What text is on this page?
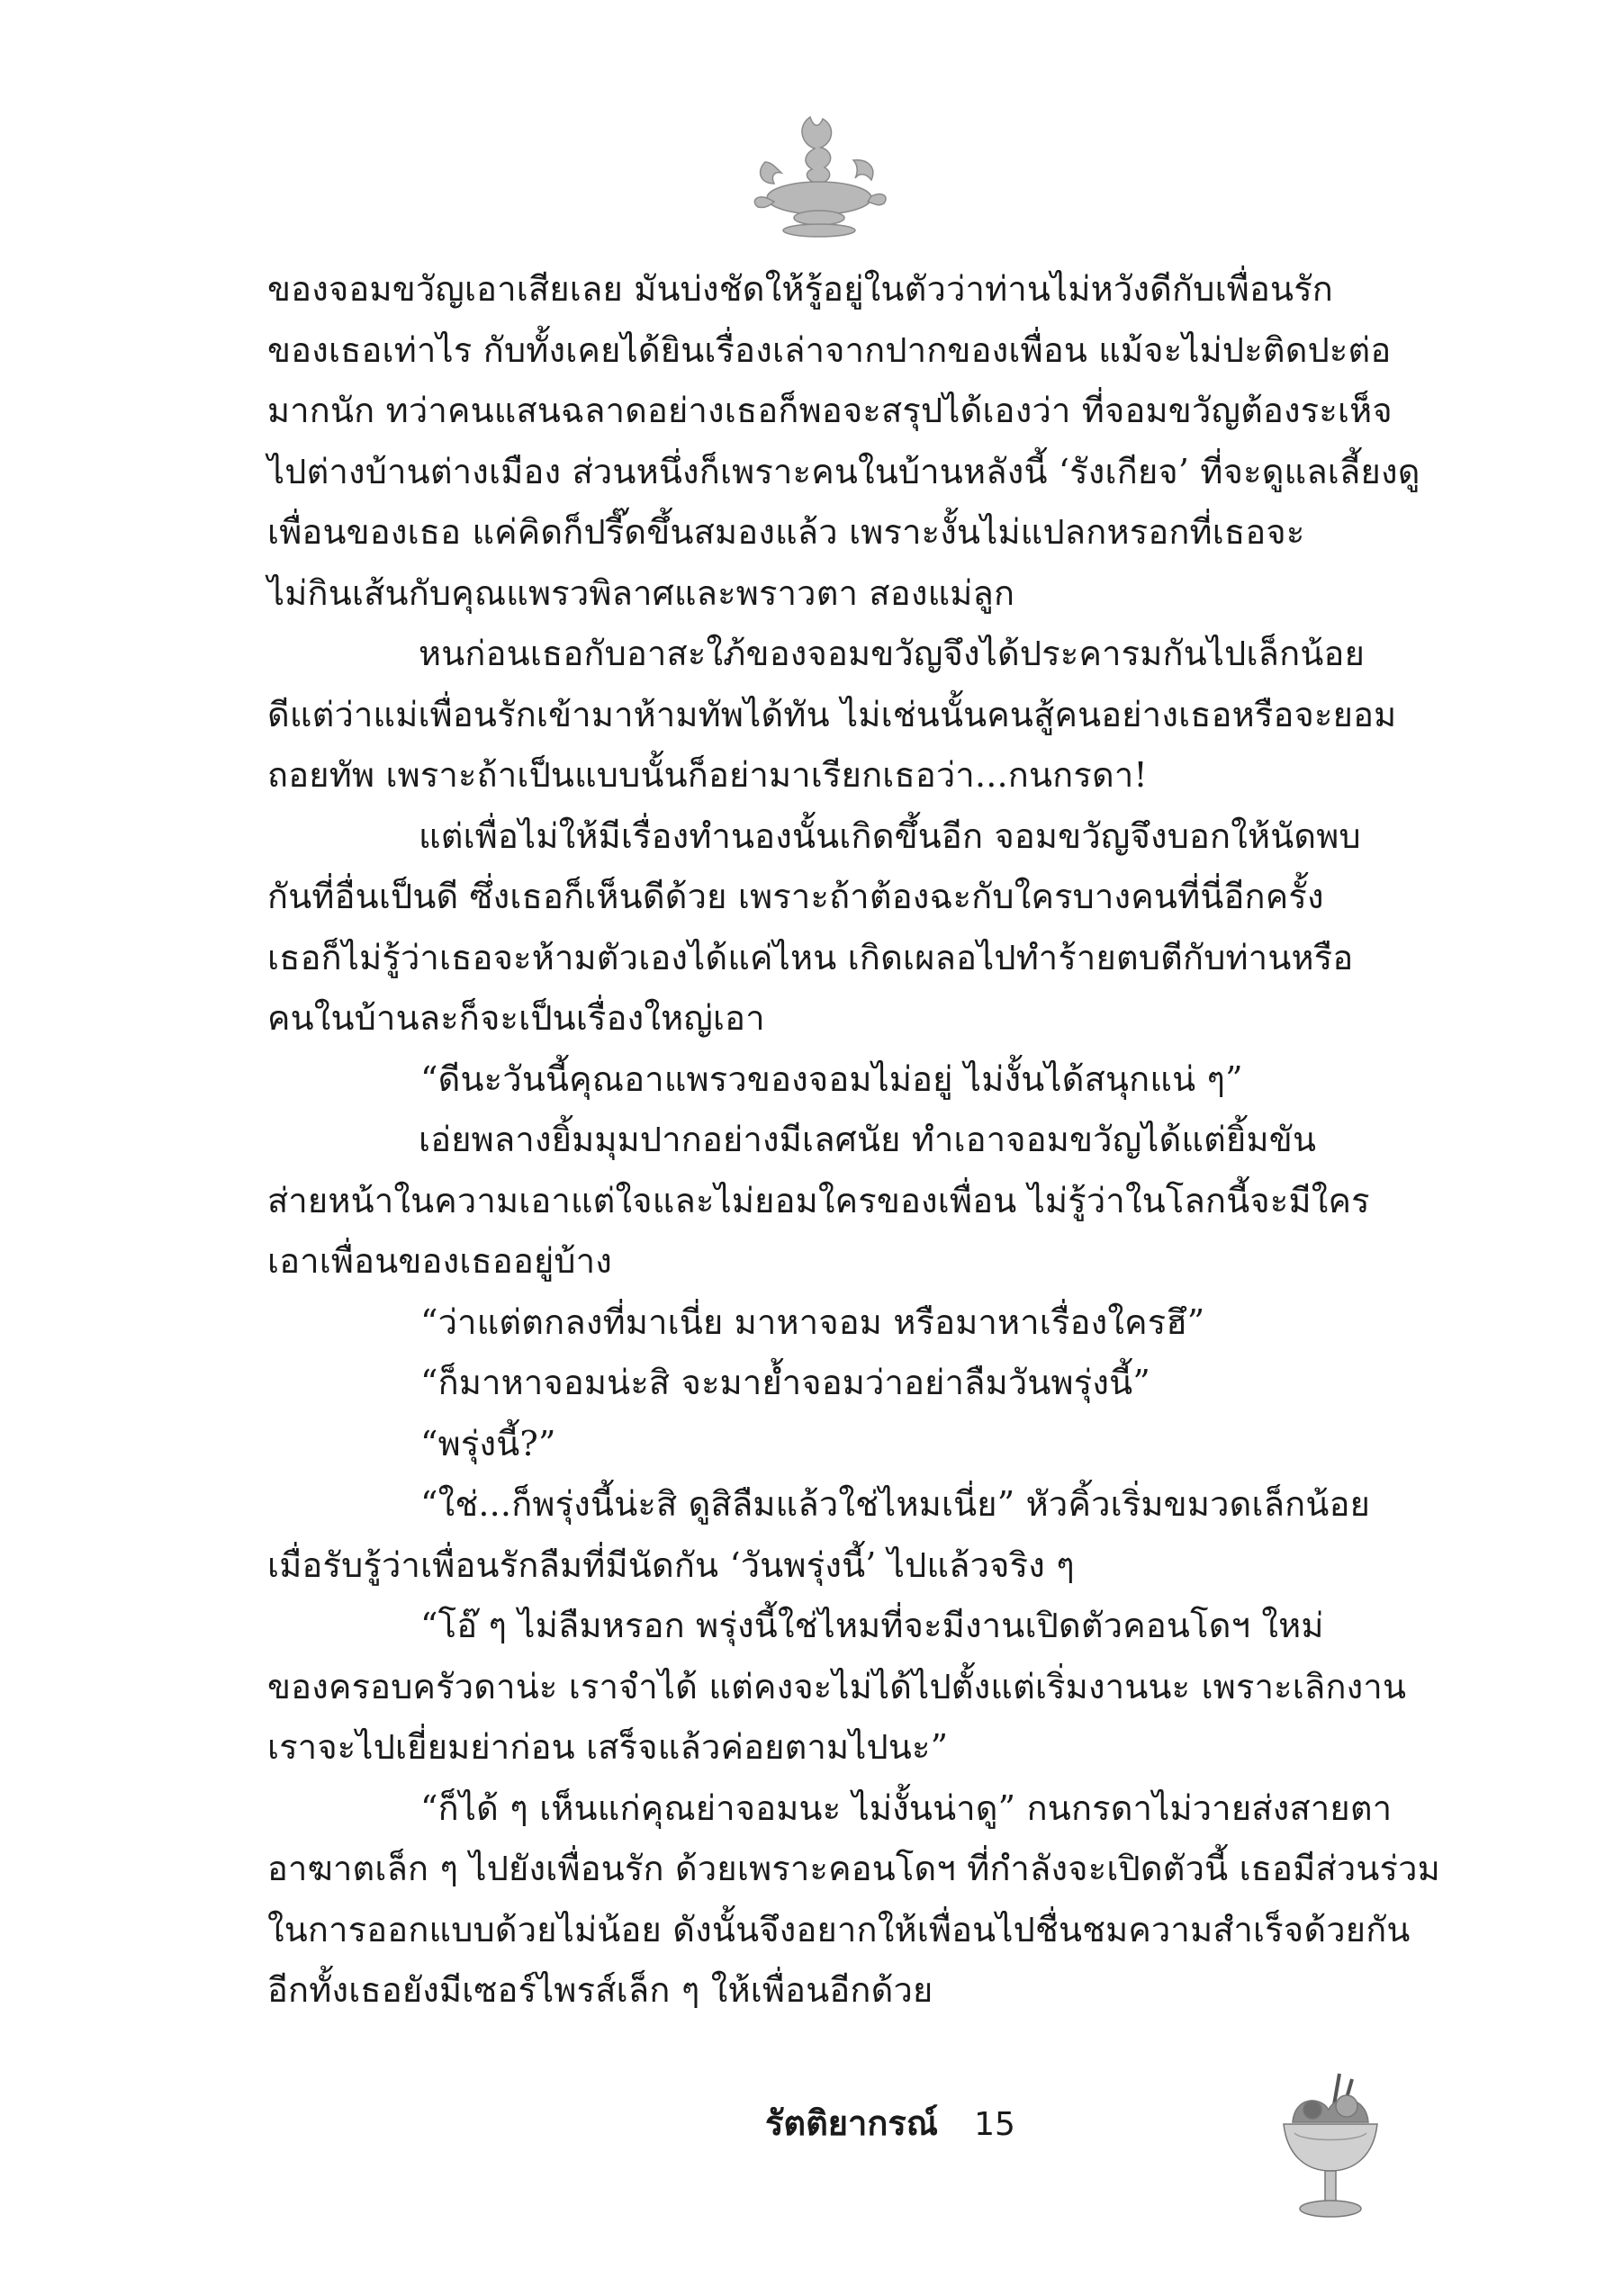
ของจอมขวัญเอาเสียเลย มันบ่งชัดให้รู้อยู่ในตัวว่าท่านไม่หวังดีกับเพื่อนรัก
ของเธอเท่าไร กับทั้งเคยได้ยินเรื่องเล่าจากปากของเพื่อน แม้จะไม่ปะติดปะต่อ
มากนัก ทว่าคนแสนฉลาดอย่างเธอก็พอจะสรุปได้เองว่า ที่จอมขวัญต้องระเห็จ
ไปต่างบ้านต่างเมือง ส่วนหนึ่งก็เพราะคนในบ้านหลังนี้ ‘รังเกียจ’ ที่จะดูแลเลี้ยงดู
เพื่อนของเธอ แค่คิดก็ปรี๊ดขึ้นสมองแล้ว เพราะงั้นไม่แปลกหรอกที่เธอจะ
ไม่กินเส้นกับคุณแพรวพิลาศและพราวตา สองแม่ลูก
หนก่อนเธอกับอาสะใภ้ของจอมขวัญจึงได้ประคารมกันไปเล็กน้อย
ดีแต่ว่าแม่เพื่อนรักเข้ามาห้ามทัพได้ทัน ไม่เช่นนั้นคนสู้คนอย่างเธอหรือจะยอม
ถอยทัพ เพราะถ้าเป็นแบบนั้นก็อย่ามาเรียกเธอว่า...กนกรดา!
แต่เพื่อไม่ให้มีเรื่องทำนองนั้นเกิดขึ้นอีก จอมขวัญจึงบอกให้นัดพบ
กันที่อื่นเป็นดี ซึ่งเธอก็เห็นดีด้วย เพราะถ้าต้องฉะกับใครบางคนที่นี่อีกครั้ง
เธอก็ไม่รู้ว่าเธอจะห้ามตัวเองได้แค่ไหน เกิดเผลอไปทำร้ายตบตีกับท่านหรือ
คนในบ้านละก็จะเป็นเรื่องใหญ่เอา
“ดีนะวันนี้คุณอาแพรวของจอมไม่อยู่ ไม่งั้นได้สนุกแน่ ๆ”
เอ่ยพลางยิ้มมุมปากอย่างมีเลศนัย ทำเอาจอมขวัญได้แต่ยิ้มขัน
ส่ายหน้าในความเอาแต่ใจและไม่ยอมใครของเพื่อน ไม่รู้ว่าในโลกนี้จะมีใคร
เอาเพื่อนของเธออยู่บ้าง
“ว่าแต่ตกลงที่มาเนี่ย มาหาจอม หรือมาหาเรื่องใครฮึ”
“ก็มาหาจอมน่ะสิ จะมาย้ำจอมว่าอย่าลืมวันพรุ่งนี้”
“พรุ่งนี้?”
“ใช่...ก็พรุ่งนี้น่ะสิ ดูสิลืมแล้วใช่ไหมเนี่ย” หัวคิ้วเริ่มขมวดเล็กน้อย
เมื่อรับรู้ว่าเพื่อนรักลืมที่มีนัดกัน ‘วันพรุ่งนี้’ ไปแล้วจริง ๆ
“โอ๊ ๆ ไม่ลืมหรอก พรุ่งนี้ใช่ไหมที่จะมีงานเปิดตัวคอนโดฯ ใหม่
ของครอบครัวดาน่ะ เราจำได้ แต่คงจะไม่ได้ไปตั้งแต่เริ่มงานนะ เพราะเลิกงาน
เราจะไปเยี่ยมย่าก่อน เสร็จแล้วค่อยตามไปนะ”
“ก็ได้ ๆ เห็นแก่คุณย่าจอมนะ ไม่งั้นน่าดู” กนกรดาไม่วายส่งสายตา
อาฆาตเล็ก ๆ ไปยังเพื่อนรัก ด้วยเพราะคอนโดฯ ที่กำลังจะเปิดตัวนี้ เธอมีส่วนร่วม
ในการออกแบบด้วยไม่น้อย ดังนั้นจึงอยากให้เพื่อนไปชื่นชมความสำเร็จด้วยกัน
อีกทั้งเธอยังมีเซอร์ไพรส์เล็ก ๆ ให้เพื่อนอีกด้วย
รัตติยากรณ์ 15
